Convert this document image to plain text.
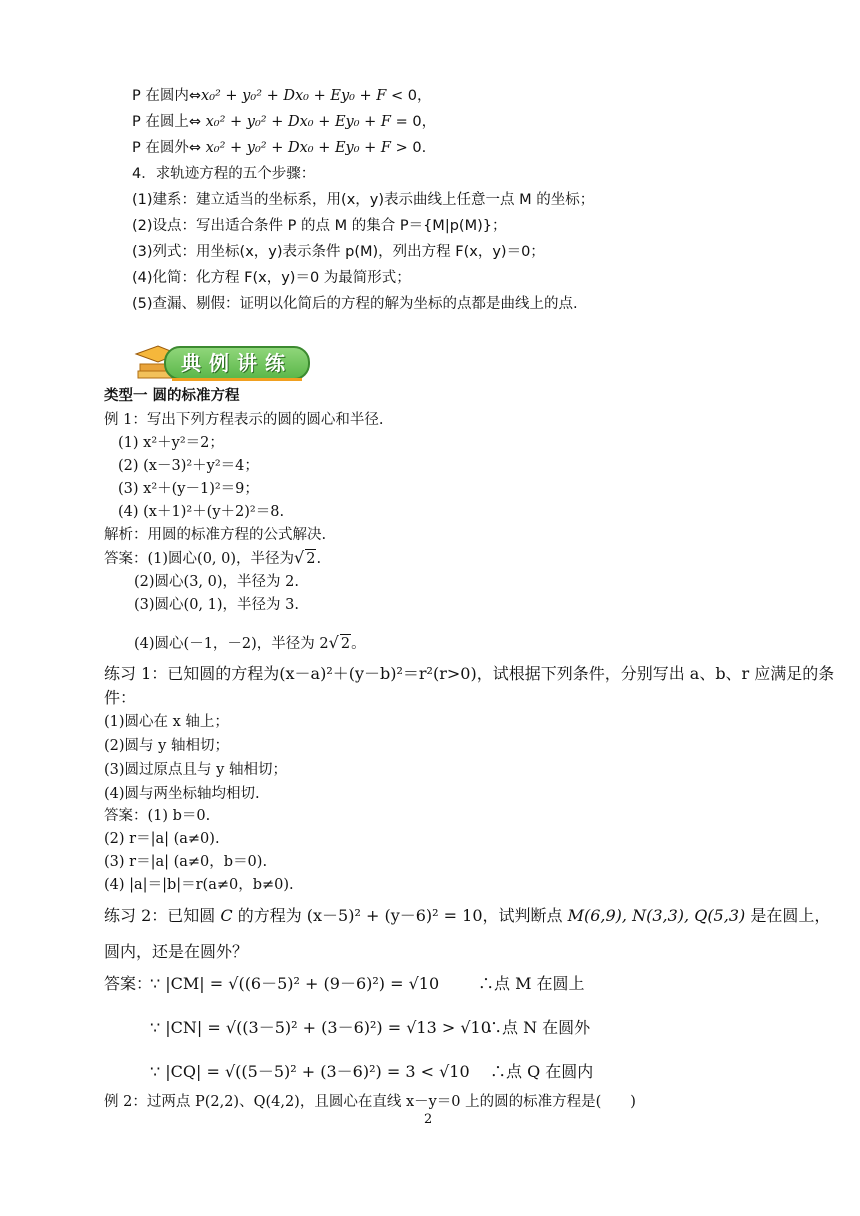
P 在圆内⇔x₀² + y₀² + Dx₀ + Ey₀ + F < 0，
P 在圆上⇔ x₀² + y₀² + Dx₀ + Ey₀ + F = 0，
P 在圆外⇔ x₀² + y₀² + Dx₀ + Ey₀ + F > 0.
4．求轨迹方程的五个步骤：
(1)建系：建立适当的坐标系，用(x，y)表示曲线上任意一点 M 的坐标；
(2)设点：写出适合条件 P 的点 M 的集合 P＝{M|p(M)}；
(3)列式：用坐标(x，y)表示条件 p(M)，列出方程 F(x，y)＝0；
(4)化简：化方程 F(x，y)＝0 为最简形式；
(5)查漏、剔假：证明以化简后的方程的解为坐标的点都是曲线上的点.
典例讲练
类型一 圆的标准方程
例 1：写出下列方程表示的圆的圆心和半径.
(1) x²＋y²＝2；
(2) (x－3)²＋y²＝4；
(3) x²＋(y－1)²＝9；
(4) (x＋1)²＋(y＋2)²＝8.
解析：用圆的标准方程的公式解决.
答案：(1)圆心(0, 0)，半径为√ 2.
(2)圆心(3, 0)，半径为 2.
(3)圆心(0, 1)，半径为 3.
(4)圆心(－1，－2)，半径为 2√ 2。
练习 1：已知圆的方程为(x－a)²＋(y－b)²＝r²(r>0)，试根据下列条件，分别写出 a、b、r 应满足的条
件：
(1)圆心在 x 轴上；
(2)圆与 y 轴相切；
(3)圆过原点且与 y 轴相切；
(4)圆与两坐标轴均相切.
答案：(1) b＝0.
(2) r＝|a| (a≠0).
(3) r＝|a| (a≠0，b＝0).
(4) |a|＝|b|＝r(a≠0，b≠0).
练习 2：已知圆 C 的方程为 (x－5)² + (y－6)² = 10，试判断点 M(6,9), N(3,3), Q(5,3) 是在圆上，
圆内，还是在圆外？
答案：
∵ |CM| = √((6－5)² + (9－6)²) = √10 ∴点 M 在圆上
∵ |CN| = √((3－5)² + (3－6)²) = √13 > √10
∴点 N 在圆外
∵ |CQ| = √((5－5)² + (3－6)²) = 3 < √10 ∴点 Q 在圆内
例 2：过两点 P(2,2)、Q(4,2)，且圆心在直线 x－y＝0 上的圆的标准方程是(　　)
2
